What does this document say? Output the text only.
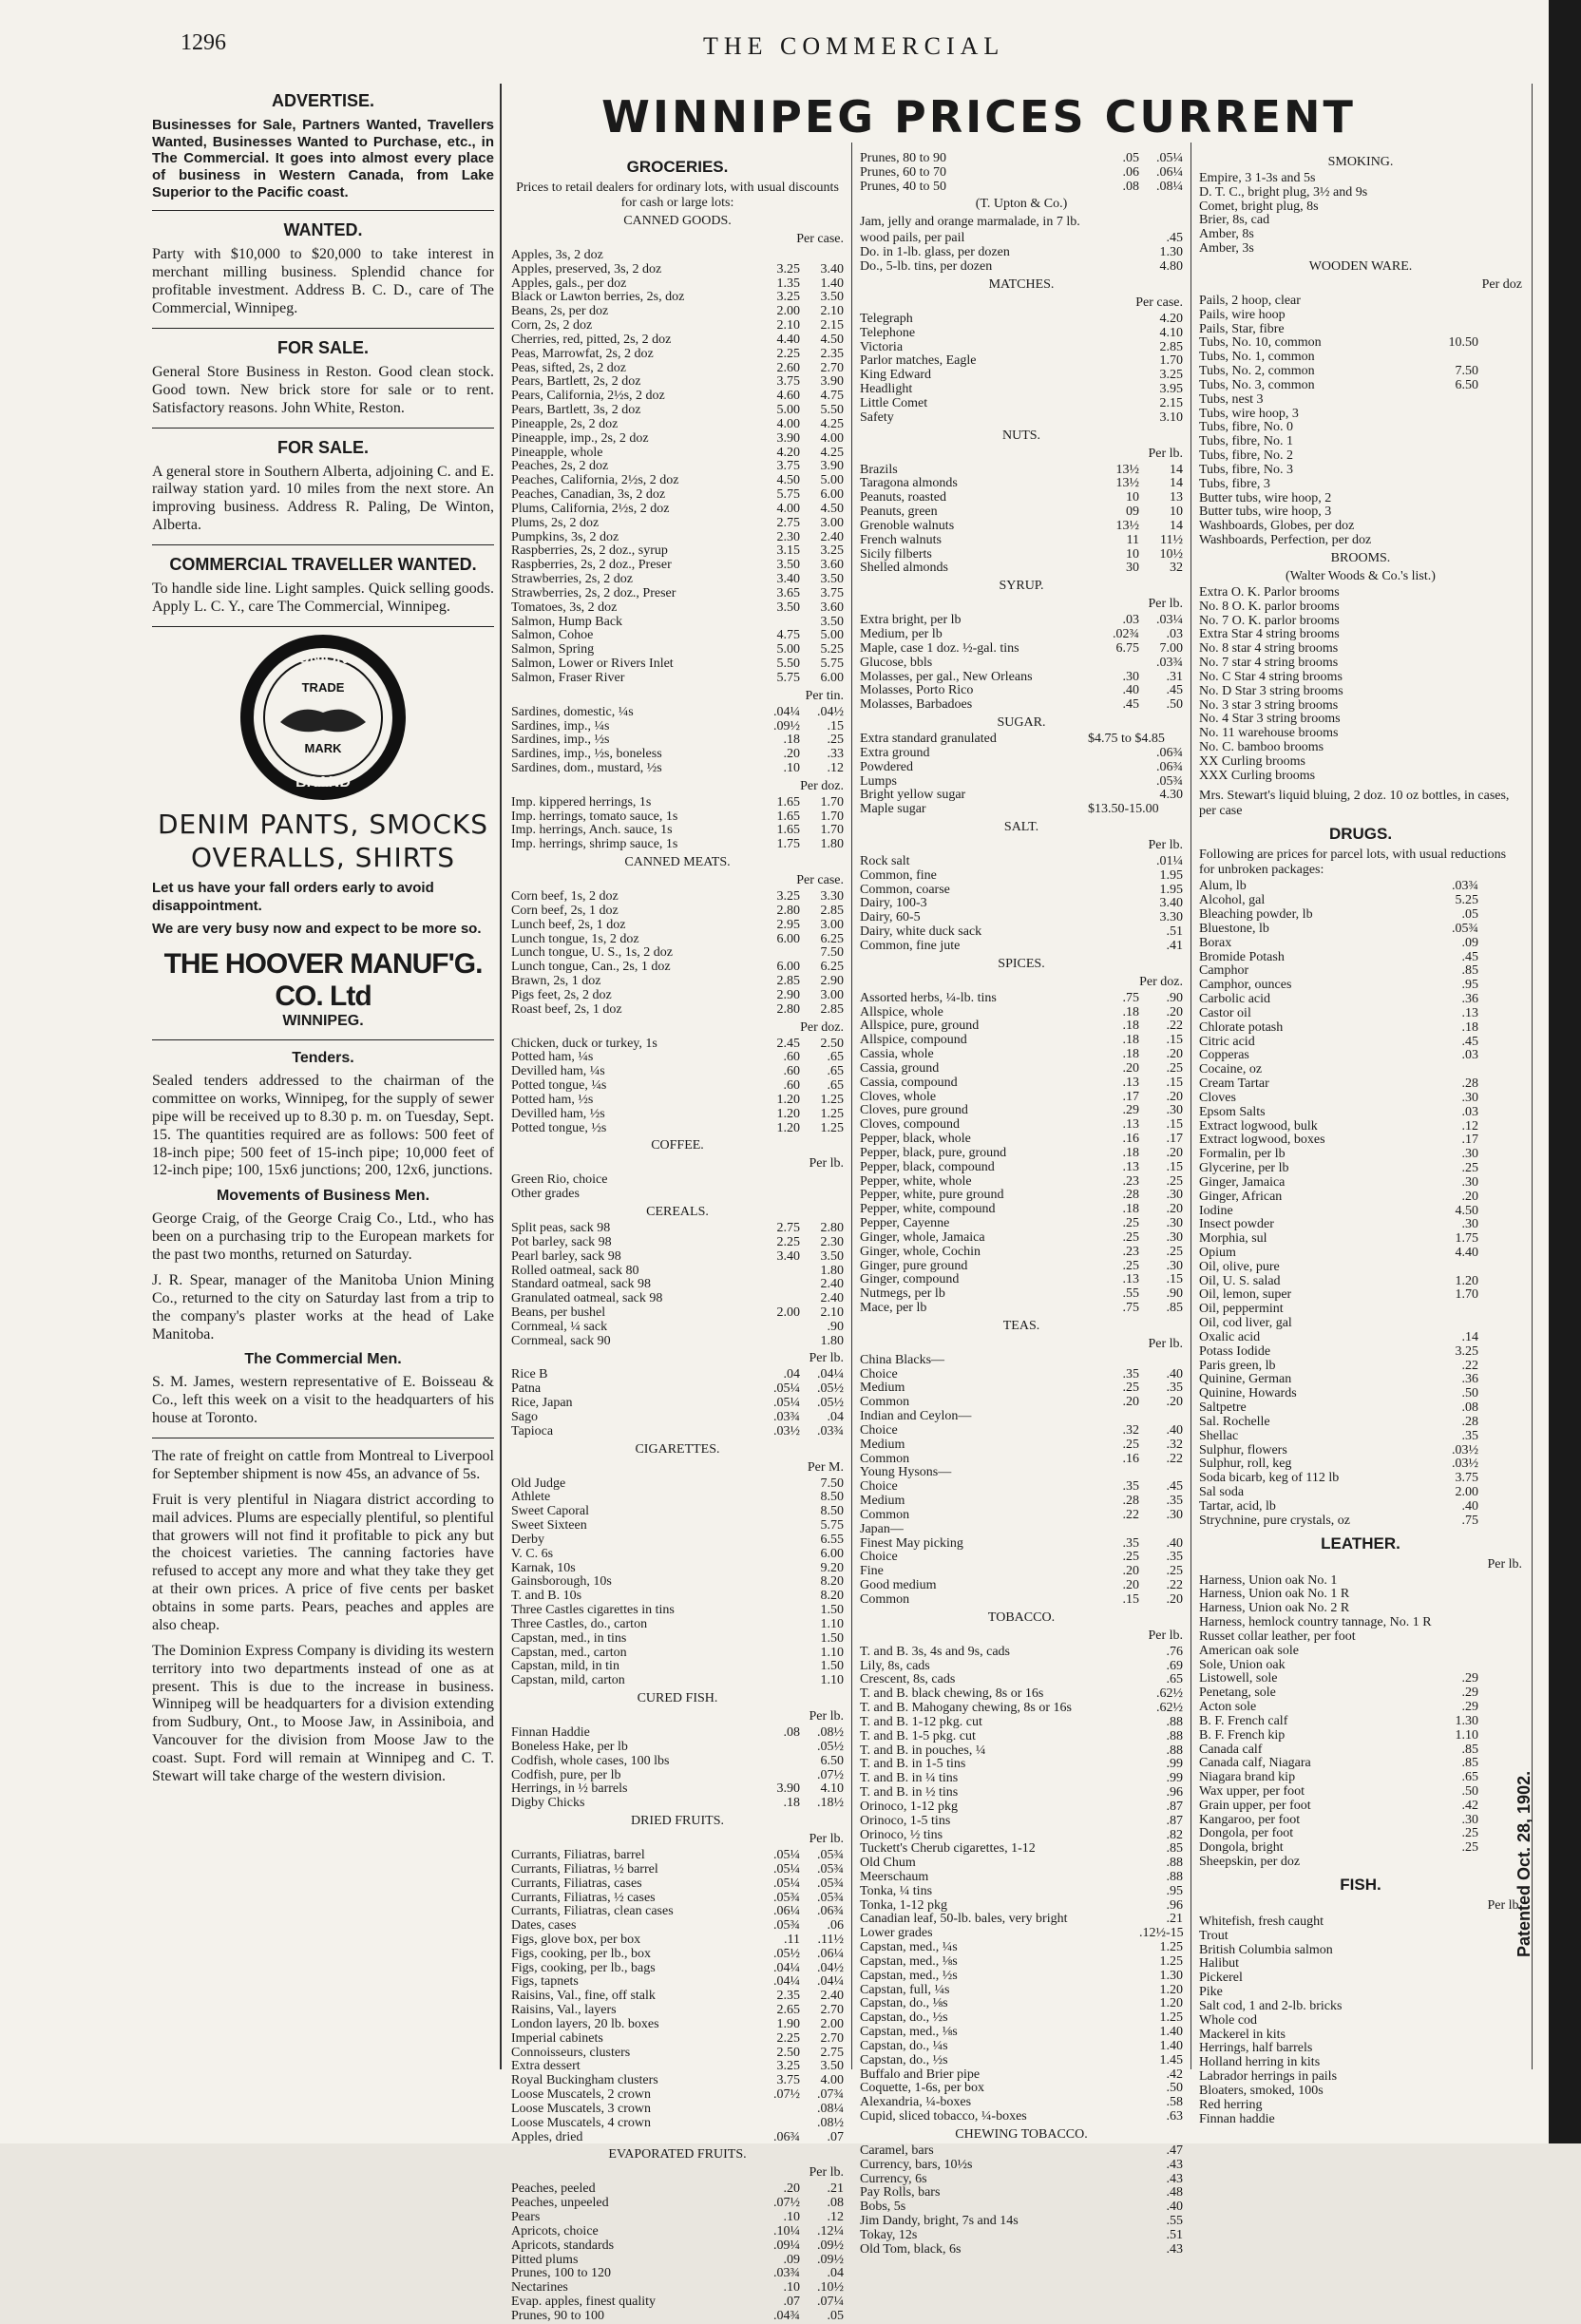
1296	THE COMMERCIAL
WINNIPEG PRICES CURRENT
ADVERTISE.
Businesses for Sale, Partners Wanted, Travellers Wanted, Businesses Wanted to Purchase, etc., in The Commercial. It goes into almost every place of business in Western Canada, from Lake Superior to the Pacific coast.
WANTED.
Party with $10,000 to $20,000 to take interest in merchant milling business. Splendid chance for profitable investment. Address B. C. D., care of The Commercial, Winnipeg.
FOR SALE.
General Store Business in Reston. Good clean stock. Good town. New brick store for sale or to rent. Satisfactory reasons. John White, Reston.
FOR SALE.
A general store in Southern Alberta, adjoining C. and E. railway station yard. 10 miles from the next store. An improving business. Address R. Paling, De Winton, Alberta.
COMMERCIAL TRAVELLER WANTED.
To handle side line. Light samples. Quick selling goods. Apply L. C. Y., care The Commercial, Winnipeg.
UNION
TRADE
MARK
BRAND
DENIM PANTS, SMOCKS OVERALLS, SHIRTS
Let us have your fall orders early to avoid disappointment.
We are very busy now and expect to be more so.
THE HOOVER MANUF'G. CO. Ltd
WINNIPEG.
Tenders.
Sealed tenders addressed to the chairman of the committee on works, Winnipeg, for the supply of sewer pipe will be received up to 8.30 p. m. on Tuesday, Sept. 15. The quantities required are as follows: 500 feet of 18-inch pipe; 500 feet of 15-inch pipe; 10,000 feet of 12-inch pipe; 100, 15x6 junctions; 200, 12x6, junctions.
Movements of Business Men.
George Craig, of the George Craig Co., Ltd., who has been on a purchasing trip to the European markets for the past two months, returned on Saturday.
J. R. Spear, manager of the Manitoba Union Mining Co., returned to the city on Saturday last from a trip to the company's plaster works at the head of Lake Manitoba.
The Commercial Men.
S. M. James, western representative of E. Boisseau & Co., left this week on a visit to the headquarters of his house at Toronto.
The rate of freight on cattle from Montreal to Liverpool for September shipment is now 45s, an advance of 5s.
Fruit is very plentiful in Niagara district according to mail advices. Plums are especially plentiful, so plentiful that growers will not find it profitable to pick any but the choicest varieties. The canning factories have refused to accept any more and what they take they get at their own prices. A price of five cents per basket obtains in some parts. Pears, peaches and apples are also cheap.
The Dominion Express Company is dividing its western territory into two departments instead of one as at present. This is due to the increase in business. Winnipeg will be headquarters for a division extending from Sudbury, Ont., to Moose Jaw, in Assiniboia, and Vancouver for the division from Moose Jaw to the coast. Supt. Ford will remain at Winnipeg and C. T. Stewart will take charge of the western division.
GROCERIES.
Prices to retail dealers for ordinary lots, with usual discounts for cash or large lots:
CANNED GOODS.
Per case.
Apples, 3s, 2 doz
Apples, preserved, 3s, 2 doz	3.25	3.40
Apples, gals., per doz	1.35	1.40
Black or Lawton berries, 2s, doz	3.25	3.50
Beans, 2s, per doz	2.00	2.10
Corn, 2s, 2 doz	2.10	2.15
Cherries, red, pitted, 2s, 2 doz	4.40	4.50
Peas, Marrowfat, 2s, 2 doz	2.25	2.35
Peas, sifted, 2s, 2 doz	2.60	2.70
Pears, Bartlett, 2s, 2 doz	3.75	3.90
Pears, California, 2½s, 2 doz	4.60	4.75
Pears, Bartlett, 3s, 2 doz	5.00	5.50
Pineapple, 2s, 2 doz	4.00	4.25
Pineapple, imp., 2s, 2 doz	3.90	4.00
Pineapple, whole	4.20	4.25
Peaches, 2s, 2 doz	3.75	3.90
Peaches, California, 2½s, 2 doz	4.50	5.00
Peaches, Canadian, 3s, 2 doz	5.75	6.00
Plums, California, 2½s, 2 doz	4.00	4.50
Plums, 2s, 2 doz	2.75	3.00
Pumpkins, 3s, 2 doz	2.30	2.40
Raspberries, 2s, 2 doz., syrup	3.15	3.25
Raspberries, 2s, 2 doz., Preser	3.50	3.60
Strawberries, 2s, 2 doz	3.40	3.50
Strawberries, 2s, 2 doz., Preser	3.65	3.75
Tomatoes, 3s, 2 doz	3.50	3.60
Salmon, Hump Back	3.50
Salmon, Cohoe	4.75	5.00
Salmon, Spring	5.00	5.25
Salmon, Lower or Rivers Inlet	5.50	5.75
Salmon, Fraser River	5.75	6.00
Per tin.
Sardines, domestic, ¼s	.04¼	.04½
Sardines, imp., ¼s	.09½	.15
Sardines, imp., ½s	.18	.25
Sardines, imp., ½s, boneless	.20	.33
Sardines, dom., mustard, ½s	.10	.12
Per doz.
Imp. kippered herrings, 1s	1.65	1.70
Imp. herrings, tomato sauce, 1s	1.65	1.70
Imp. herrings, Anch. sauce, 1s	1.65	1.70
Imp. herrings, shrimp sauce, 1s	1.75	1.80
CANNED MEATS.
Per case.
Corn beef, 1s, 2 doz	3.25	3.30
Corn beef, 2s, 1 doz	2.80	2.85
Lunch beef, 2s, 1 doz	2.95	3.00
Lunch tongue, 1s, 2 doz	6.00	6.25
Lunch tongue, U. S., 1s, 2 doz	7.50
Lunch tongue, Can., 2s, 1 doz	6.00	6.25
Brawn, 2s, 1 doz	2.85	2.90
Pigs feet, 2s, 2 doz	2.90	3.00
Roast beef, 2s, 1 doz	2.80	2.85
Per doz.
Chicken, duck or turkey, 1s	2.45	2.50
Potted ham, ¼s	.60	.65
Devilled ham, ¼s	.60	.65
Potted tongue, ¼s	.60	.65
Potted ham, ½s	1.20	1.25
Devilled ham, ½s	1.20	1.25
Potted tongue, ½s	1.20	1.25
COFFEE.
Per lb.
Green Rio, choice
Other grades
CEREALS.
Split peas, sack 98	2.75	2.80
Pot barley, sack 98	2.25	2.30
Pearl barley, sack 98	3.40	3.50
Rolled oatmeal, sack 80	1.80
Standard oatmeal, sack 98	2.40
Granulated oatmeal, sack 98	2.40
Beans, per bushel	2.00	2.10
Cornmeal, ¼ sack	.90
Cornmeal, sack 90	1.80
Per lb.
Rice B	.04	.04¼
Patna	.05¼	.05½
Rice, Japan	.05¼	.05½
Sago	.03¾	.04
Tapioca	.03½	.03¾
CIGARETTES.
Per M.
Old Judge	7.50
Athlete	8.50
Sweet Caporal	8.50
Sweet Sixteen	5.75
Derby	6.55
V. C. 6s	6.00
Karnak, 10s	9.20
Gainsborough, 10s	8.20
T. and B. 10s	8.20
Three Castles cigarettes in tins	1.50
Three Castles, do., carton	1.10
Capstan, med., in tins	1.50
Capstan, med., carton	1.10
Capstan, mild, in tin	1.50
Capstan, mild, carton	1.10
CURED FISH.
Per lb.
Finnan Haddie	.08	.08½
Boneless Hake, per lb	.05½
Codfish, whole cases, 100 lbs	6.50
Codfish, pure, per lb	.07½
Herrings, in ½ barrels	3.90	4.10
Digby Chicks	.18	.18½
DRIED FRUITS.
Per lb.
Currants, Filiatras, barrel	.05¼	.05¾
Currants, Filiatras, ½ barrel	.05¼	.05¾
Currants, Filiatras, cases	.05¼	.05¾
Currants, Filiatras, ½ cases	.05¾	.05¾
Currants, Filiatras, clean cases	.06¼	.06¾
Dates, cases	.05¾	.06
Figs, glove box, per box	.11	.11½
Figs, cooking, per lb., box	.05½	.06¼
Figs, cooking, per lb., bags	.04¼	.04½
Figs, tapnets	.04¼	.04¼
Raisins, Val., fine, off stalk	2.35	2.40
Raisins, Val., layers	2.65	2.70
London layers, 20 lb. boxes	1.90	2.00
Imperial cabinets	2.25	2.70
Connoisseurs, clusters	2.50	2.75
Extra dessert	3.25	3.50
Royal Buckingham clusters	3.75	4.00
Loose Muscatels, 2 crown	.07½	.07¾
Loose Muscatels, 3 crown	.08¼
Loose Muscatels, 4 crown	.08½
Apples, dried	.06¾	.07
EVAPORATED FRUITS.
Per lb.
Peaches, peeled	.20	.21
Peaches, unpeeled	.07½	.08
Pears	.10	.12
Apricots, choice	.10¼	.12¼
Apricots, standards	.09¼	.09½
Pitted plums	.09	.09½
Prunes, 100 to 120	.03¾	.04
Nectarines	.10	.10½
Evap. apples, finest quality	.07	.07¼
Prunes, 90 to 100	.04¾	.05
Prunes, 80 to 90	.05	.05¼
Prunes, 60 to 70	.06	.06¼
Prunes, 40 to 50	.08	.08¼
(T. Upton & Co.)
Jam, jelly and orange marmalade, in 7 lb.
wood pails, per pail	.45
Do. in 1-lb. glass, per dozen	1.30
Do., 5-lb. tins, per dozen	4.80
MATCHES.
Per case.
Telegraph	4.20
Telephone	4.10
Victoria	2.85
Parlor matches, Eagle	1.70
King Edward	3.25
Headlight	3.95
Little Comet	2.15
Safety	3.10
NUTS.
Per lb.
Brazils	13½	14
Taragona almonds	13½	14
Peanuts, roasted	10	13
Peanuts, green	09	10
Grenoble walnuts	13½	14
French walnuts	11	11½
Sicily filberts	10	10½
Shelled almonds	30	32
SYRUP.
Per lb.
Extra bright, per lb	.03	.03¼
Medium, per lb	.02¾	.03
Maple, case 1 doz. ½-gal. tins	6.75	7.00
Glucose, bbls	.03¾
Molasses, per gal., New Orleans	.30	.31
Molasses, Porto Rico	.40	.45
Molasses, Barbadoes	.45	.50
SUGAR.
Extra standard granulated	$4.75 to $4.85
Extra ground	.06¾
Powdered	.06¾
Lumps	.05¾
Bright yellow sugar	4.30
Maple sugar	$13.50-15.00
SALT.
Per lb.
Rock salt	.01¼
Common, fine	1.95
Common, coarse	1.95
Dairy, 100-3	3.40
Dairy, 60-5	3.30
Dairy, white duck sack	.51
Common, fine jute	.41
SPICES.
Per doz.
Assorted herbs, ¼-lb. tins	.75	.90
Allspice, whole	.18	.20
Allspice, pure, ground	.18	.22
Allspice, compound	.18	.15
Cassia, whole	.18	.20
Cassia, ground	.20	.25
Cassia, compound	.13	.15
Cloves, whole	.17	.20
Cloves, pure ground	.29	.30
Cloves, compound	.13	.15
Pepper, black, whole	.16	.17
Pepper, black, pure, ground	.18	.20
Pepper, black, compound	.13	.15
Pepper, white, whole	.23	.25
Pepper, white, pure ground	.28	.30
Pepper, white, compound	.18	.20
Pepper, Cayenne	.25	.30
Ginger, whole, Jamaica	.25	.30
Ginger, whole, Cochin	.23	.25
Ginger, pure ground	.25	.30
Ginger, compound	.13	.15
Nutmegs, per lb	.55	.90
Mace, per lb	.75	.85
TEAS.
Per lb.
China Blacks—
Choice	.35	.40
Medium	.25	.35
Common	.20	.20
Indian and Ceylon—
Choice	.32	.40
Medium	.25	.32
Common	.16	.22
Young Hysons—
Choice	.35	.45
Medium	.28	.35
Common	.22	.30
Japan—
Finest May picking	.35	.40
Choice	.25	.35
Fine	.20	.25
Good medium	.20	.22
Common	.15	.20
TOBACCO.
Per lb.
T. and B. 3s, 4s and 9s, cads	.76
Lily, 8s, cads	.69
Crescent, 8s, cads	.65
T. and B. black chewing, 8s or 16s	.62½
T. and B. Mahogany chewing, 8s or 16s	.62½
T. and B. 1-12 pkg. cut	.88
T. and B. 1-5 pkg. cut	.88
T. and B. in pouches, ¼	.88
T. and B. in 1-5 tins	.99
T. and B. in ¼ tins	.99
T. and B. in ½ tins	.96
Orinoco, 1-12 pkg	.87
Orinoco, 1-5 tins	.87
Orinoco, ½ tins	.82
Tuckett's Cherub cigarettes, 1-12	.85
Old Chum	.88
Meerschaum	.88
Tonka, ¼ tins	.95
Tonka, 1-12 pkg	.96
Canadian leaf, 50-lb. bales, very bright	.21
Lower grades	.12½-15
Capstan, med., ¼s	1.25
Capstan, med., ⅛s	1.25
Capstan, med., ½s	1.30
Capstan, full, ¼s	1.20
Capstan, do., ⅛s	1.20
Capstan, do., ½s	1.25
Capstan, med., ⅛s	1.40
Capstan, do., ¼s	1.40
Capstan, do., ½s	1.45
Buffalo and Brier pipe	.42
Coquette, 1-6s, per box	.50
Alexandria, ¼-boxes	.58
Cupid, sliced tobacco, ¼-boxes	.63
CHEWING TOBACCO.
Caramel, bars	.47
Currency, bars, 10½s	.43
Currency, 6s	.43
Pay Rolls, bars	.48
Bobs, 5s	.40
Jim Dandy, bright, 7s and 14s	.55
Tokay, 12s	.51
Old Tom, black, 6s	.43
SMOKING.
Empire, 3 1-3s and 5s
D. T. C., bright plug, 3½ and 9s
Comet, bright plug, 8s
Brier, 8s, cad
Amber, 8s
Amber, 3s
WOODEN WARE.
Per doz
Pails, 2 hoop, clear
Pails, wire hoop
Pails, Star, fibre
Tubs, No. 10, common	10.50
Tubs, No. 1, common
Tubs, No. 2, common	7.50
Tubs, No. 3, common	6.50
Tubs, nest 3
Tubs, wire hoop, 3
Tubs, fibre, No. 0
Tubs, fibre, No. 1
Tubs, fibre, No. 2
Tubs, fibre, No. 3
Tubs, fibre, 3
Butter tubs, wire hoop, 2
Butter tubs, wire hoop, 3
Washboards, Globes, per doz
Washboards, Perfection, per doz
BROOMS.
(Walter Woods & Co.'s list.)
Extra O. K. Parlor brooms
No. 8 O. K. parlor brooms
No. 7 O. K. parlor brooms
Extra Star 4 string brooms
No. 8 star 4 string brooms
No. 7 star 4 string brooms
No. C Star 4 string brooms
No. D Star 3 string brooms
No. 3 star 3 string brooms
No. 4 Star 3 string brooms
No. 11 warehouse brooms
No. C. bamboo brooms
XX Curling brooms
XXX Curling brooms
Mrs. Stewart's liquid bluing, 2 doz. 10 oz bottles, in cases, per case
DRUGS.
Following are prices for parcel lots, with usual reductions for unbroken packages:
Alum, lb	.03¾
Alcohol, gal	5.25
Bleaching powder, lb	.05
Bluestone, lb	.05¾
Borax	.09
Bromide Potash	.45
Camphor	.85
Camphor, ounces	.95
Carbolic acid	.36
Castor oil	.13
Chlorate potash	.18
Citric acid	.45
Copperas	.03
Cocaine, oz
Cream Tartar	.28
Cloves	.30
Epsom Salts	.03
Extract logwood, bulk	.12
Extract logwood, boxes	.17
Formalin, per lb	.30
Glycerine, per lb	.25
Ginger, Jamaica	.30
Ginger, African	.20
Iodine	4.50
Insect powder	.30
Morphia, sul	1.75
Opium	4.40
Oil, olive, pure
Oil, U. S. salad	1.20
Oil, lemon, super	1.70
Oil, peppermint
Oil, cod liver, gal
Oxalic acid	.14
Potass Iodide	3.25
Paris green, lb	.22
Quinine, German	.36
Quinine, Howards	.50
Saltpetre	.08
Sal. Rochelle	.28
Shellac	.35
Sulphur, flowers	.03½
Sulphur, roll, keg	.03½
Soda bicarb, keg of 112 lb	3.75
Sal soda	2.00
Tartar, acid, lb	.40
Strychnine, pure crystals, oz	.75
LEATHER.
Per lb.
Harness, Union oak No. 1
Harness, Union oak No. 1 R
Harness, Union oak No. 2 R
Harness, hemlock country tannage, No. 1 R
Russet collar leather, per foot
American oak sole
Sole, Union oak
Listowell, sole	.29
Penetang, sole	.29
Acton sole	.29
B. F. French calf	1.30
B. F. French kip	1.10
Canada calf	.85
Canada calf, Niagara	.85
Niagara brand kip	.65
Wax upper, per foot	.50
Grain upper, per foot	.42
Kangaroo, per foot	.30
Dongola, per foot	.25
Dongola, bright	.25
Sheepskin, per doz
FISH.
Per lb.
Whitefish, fresh caught
Trout
British Columbia salmon
Halibut
Pickerel
Pike
Salt cod, 1 and 2-lb. bricks
Whole cod
Mackerel in kits
Herrings, half barrels
Holland herring in kits
Labrador herrings in pails
Bloaters, smoked, 100s
Red herring
Finnan haddie
Patented Oct. 28, 1902.
